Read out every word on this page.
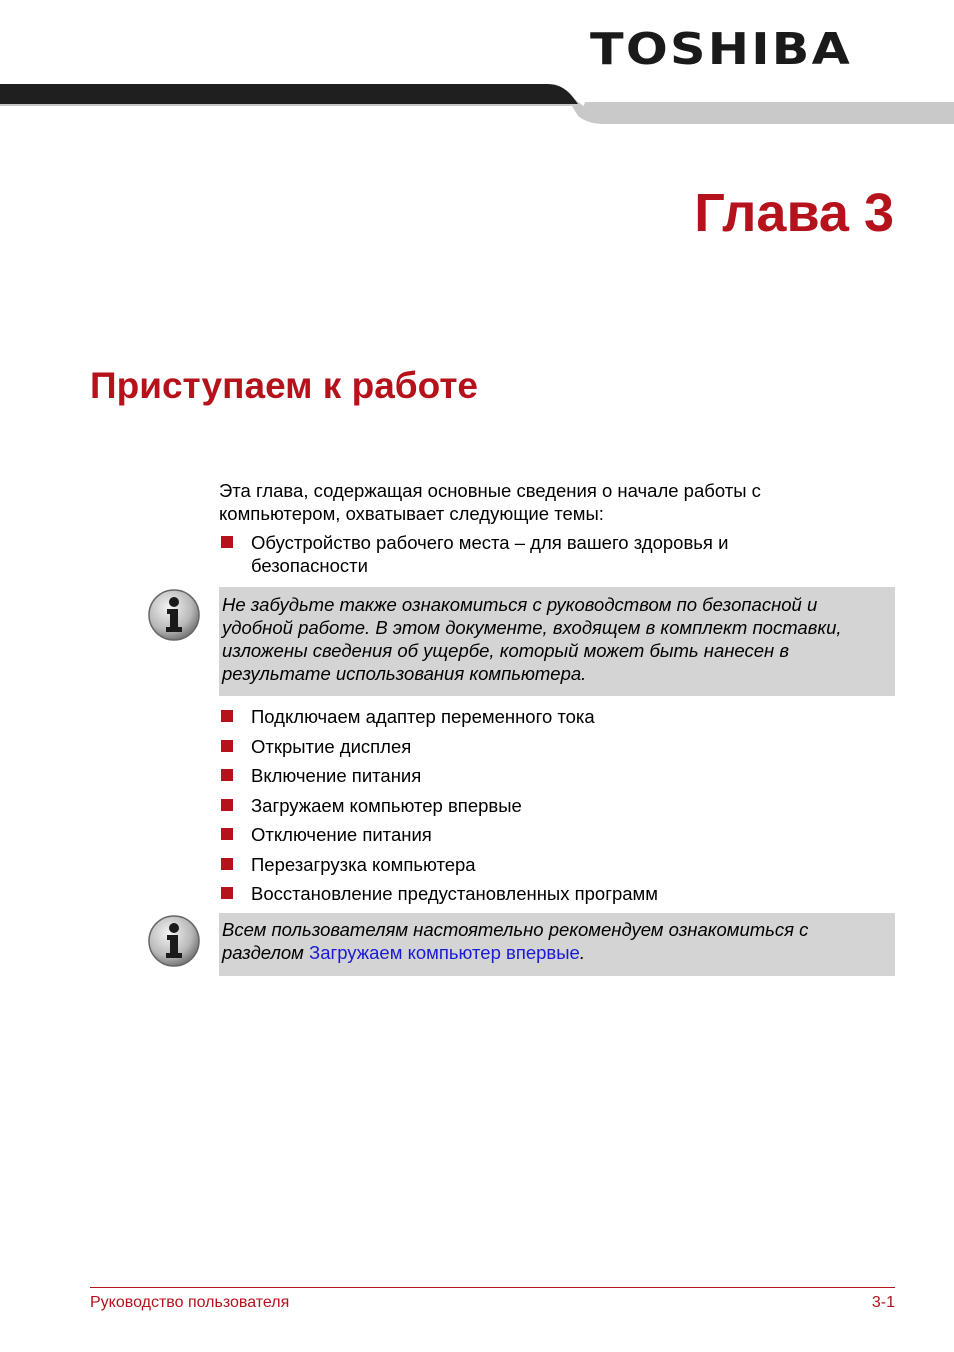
TOSHIBA
Глава 3
Приступаем к работе

Эта глава, содержащая основные сведения о начале работы с компьютером, охватывает следующие темы:

Обустройство рабочего места – для вашего здоровья и безопасности
Не забудьте также ознакомиться с руководством по безопасной и удобной работе. В этом документе, входящем в комплект поставки, изложены сведения об ущербе, который может быть нанесен в результате использования компьютера.
Подключаем адаптер переменного тока
Открытие дисплея
Включение питания
Загружаем компьютер впервые
Отключение питания
Перезагрузка компьютера
Восстановление предустановленных программ
Всем пользователям настоятельно рекомендуем ознакомиться с разделом Загружаем компьютер впервые.
Руководство пользователя	3-1
